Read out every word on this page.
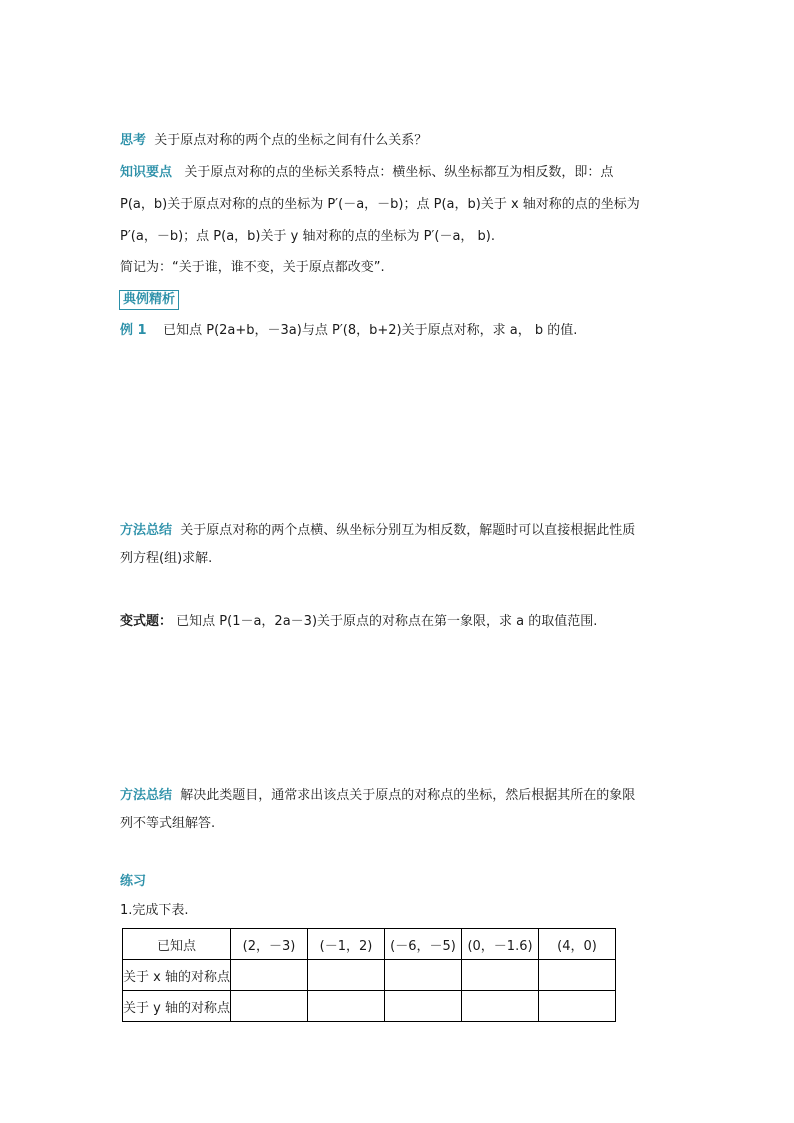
思考 关于原点对称的两个点的坐标之间有什么关系？
知识要点 关于原点对称的点的坐标关系特点：横坐标、纵坐标都互为相反数，即：点
P(a，b)关于原点对称的点的坐标为 P′(－a，－b)；点 P(a，b)关于 x 轴对称的点的坐标为
P′(a，－b)；点 P(a，b)关于 y 轴对称的点的坐标为 P′(－a， b).
简记为：“关于谁，谁不变，关于原点都改变”.
典例精析
例 1 已知点 P(2a+b，－3a)与点 P′(8，b+2)关于原点对称，求 a， b 的值.
方法总结 关于原点对称的两个点横、纵坐标分别互为相反数，解题时可以直接根据此性质
列方程(组)求解.
变式题： 已知点 P(1－a，2a－3)关于原点的对称点在第一象限，求 a 的取值范围.
方法总结 解决此类题目，通常求出该点关于原点的对称点的坐标，然后根据其所在的象限
列不等式组解答.
练习
1.完成下表.
已知点	(2，－3)	(－1，2)	(－6，－5)	(0，－1.6)	(4，0)
关于 x 轴的对称点					
关于 y 轴的对称点					
